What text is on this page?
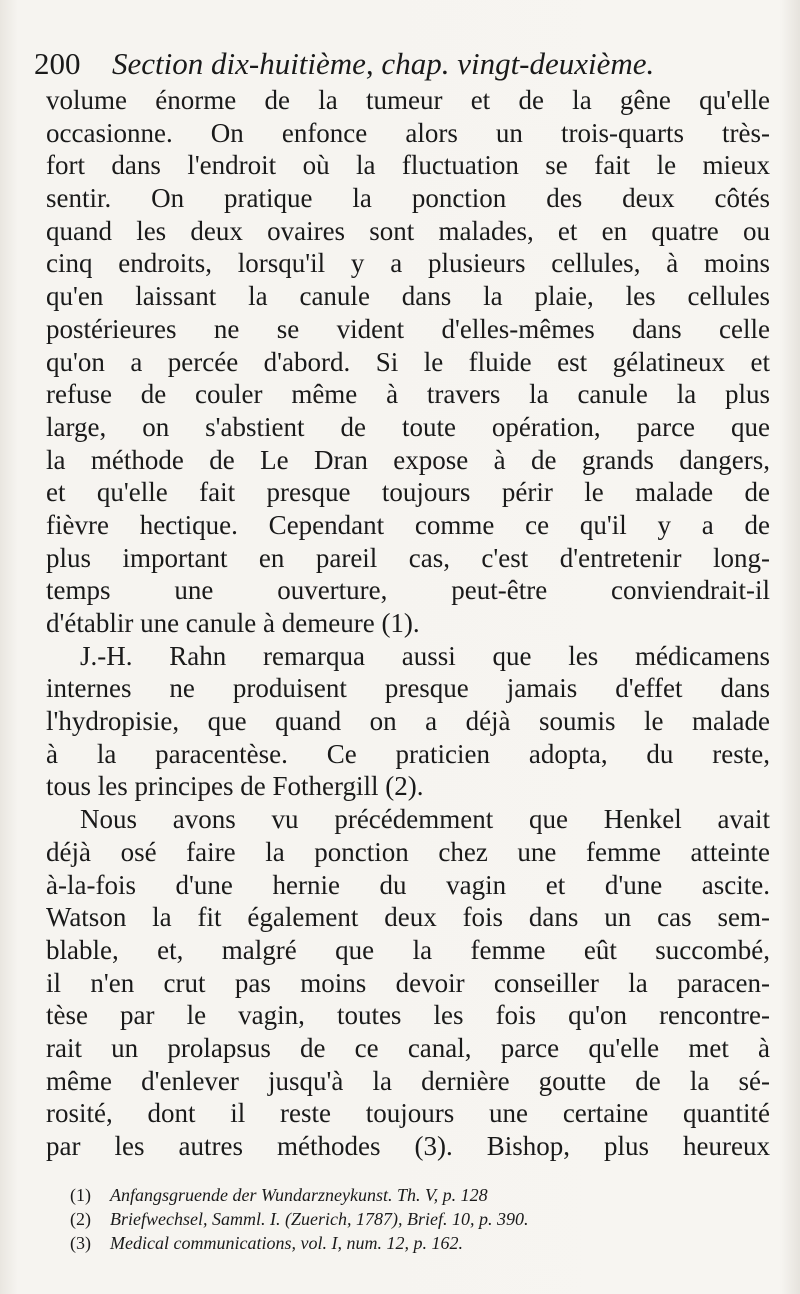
200 Section dix-huitième, chap. vingt-deuxième.
volume énorme de la tumeur et de la gêne qu'elle
occasionne. On enfonce alors un trois-quarts très-
fort dans l'endroit où la fluctuation se fait le mieux
sentir. On pratique la ponction des deux côtés
quand les deux ovaires sont malades, et en quatre ou
cinq endroits, lorsqu'il y a plusieurs cellules, à moins
qu'en laissant la canule dans la plaie, les cellules
postérieures ne se vident d'elles-mêmes dans celle
qu'on a percée d'abord. Si le fluide est gélatineux et
refuse de couler même à travers la canule la plus
large, on s'abstient de toute opération, parce que
la méthode de Le Dran expose à de grands dangers,
et qu'elle fait presque toujours périr le malade de
fièvre hectique. Cependant comme ce qu'il y a de
plus important en pareil cas, c'est d'entretenir long-
temps une ouverture, peut-être conviendrait-il
d'établir une canule à demeure (1).
J.-H. Rahn remarqua aussi que les médicamens
internes ne produisent presque jamais d'effet dans
l'hydropisie, que quand on a déjà soumis le malade
à la paracentèse. Ce praticien adopta, du reste,
tous les principes de Fothergill (2).
Nous avons vu précédemment que Henkel avait
déjà osé faire la ponction chez une femme atteinte
à-la-fois d'une hernie du vagin et d'une ascite.
Watson la fit également deux fois dans un cas sem-
blable, et, malgré que la femme eût succombé,
il n'en crut pas moins devoir conseiller la paracen-
tèse par le vagin, toutes les fois qu'on rencontre-
rait un prolapsus de ce canal, parce qu'elle met à
même d'enlever jusqu'à la dernière goutte de la sé-
rosité, dont il reste toujours une certaine quantité
par les autres méthodes (3). Bishop, plus heureux
(1) Anfangsgruende der Wundarzneykunst. Th. V, p. 128
(2) Briefwechsel, Samml. I. (Zuerich, 1787), Brief. 10, p. 390.
(3) Medical communications, vol. I, num. 12, p. 162.
